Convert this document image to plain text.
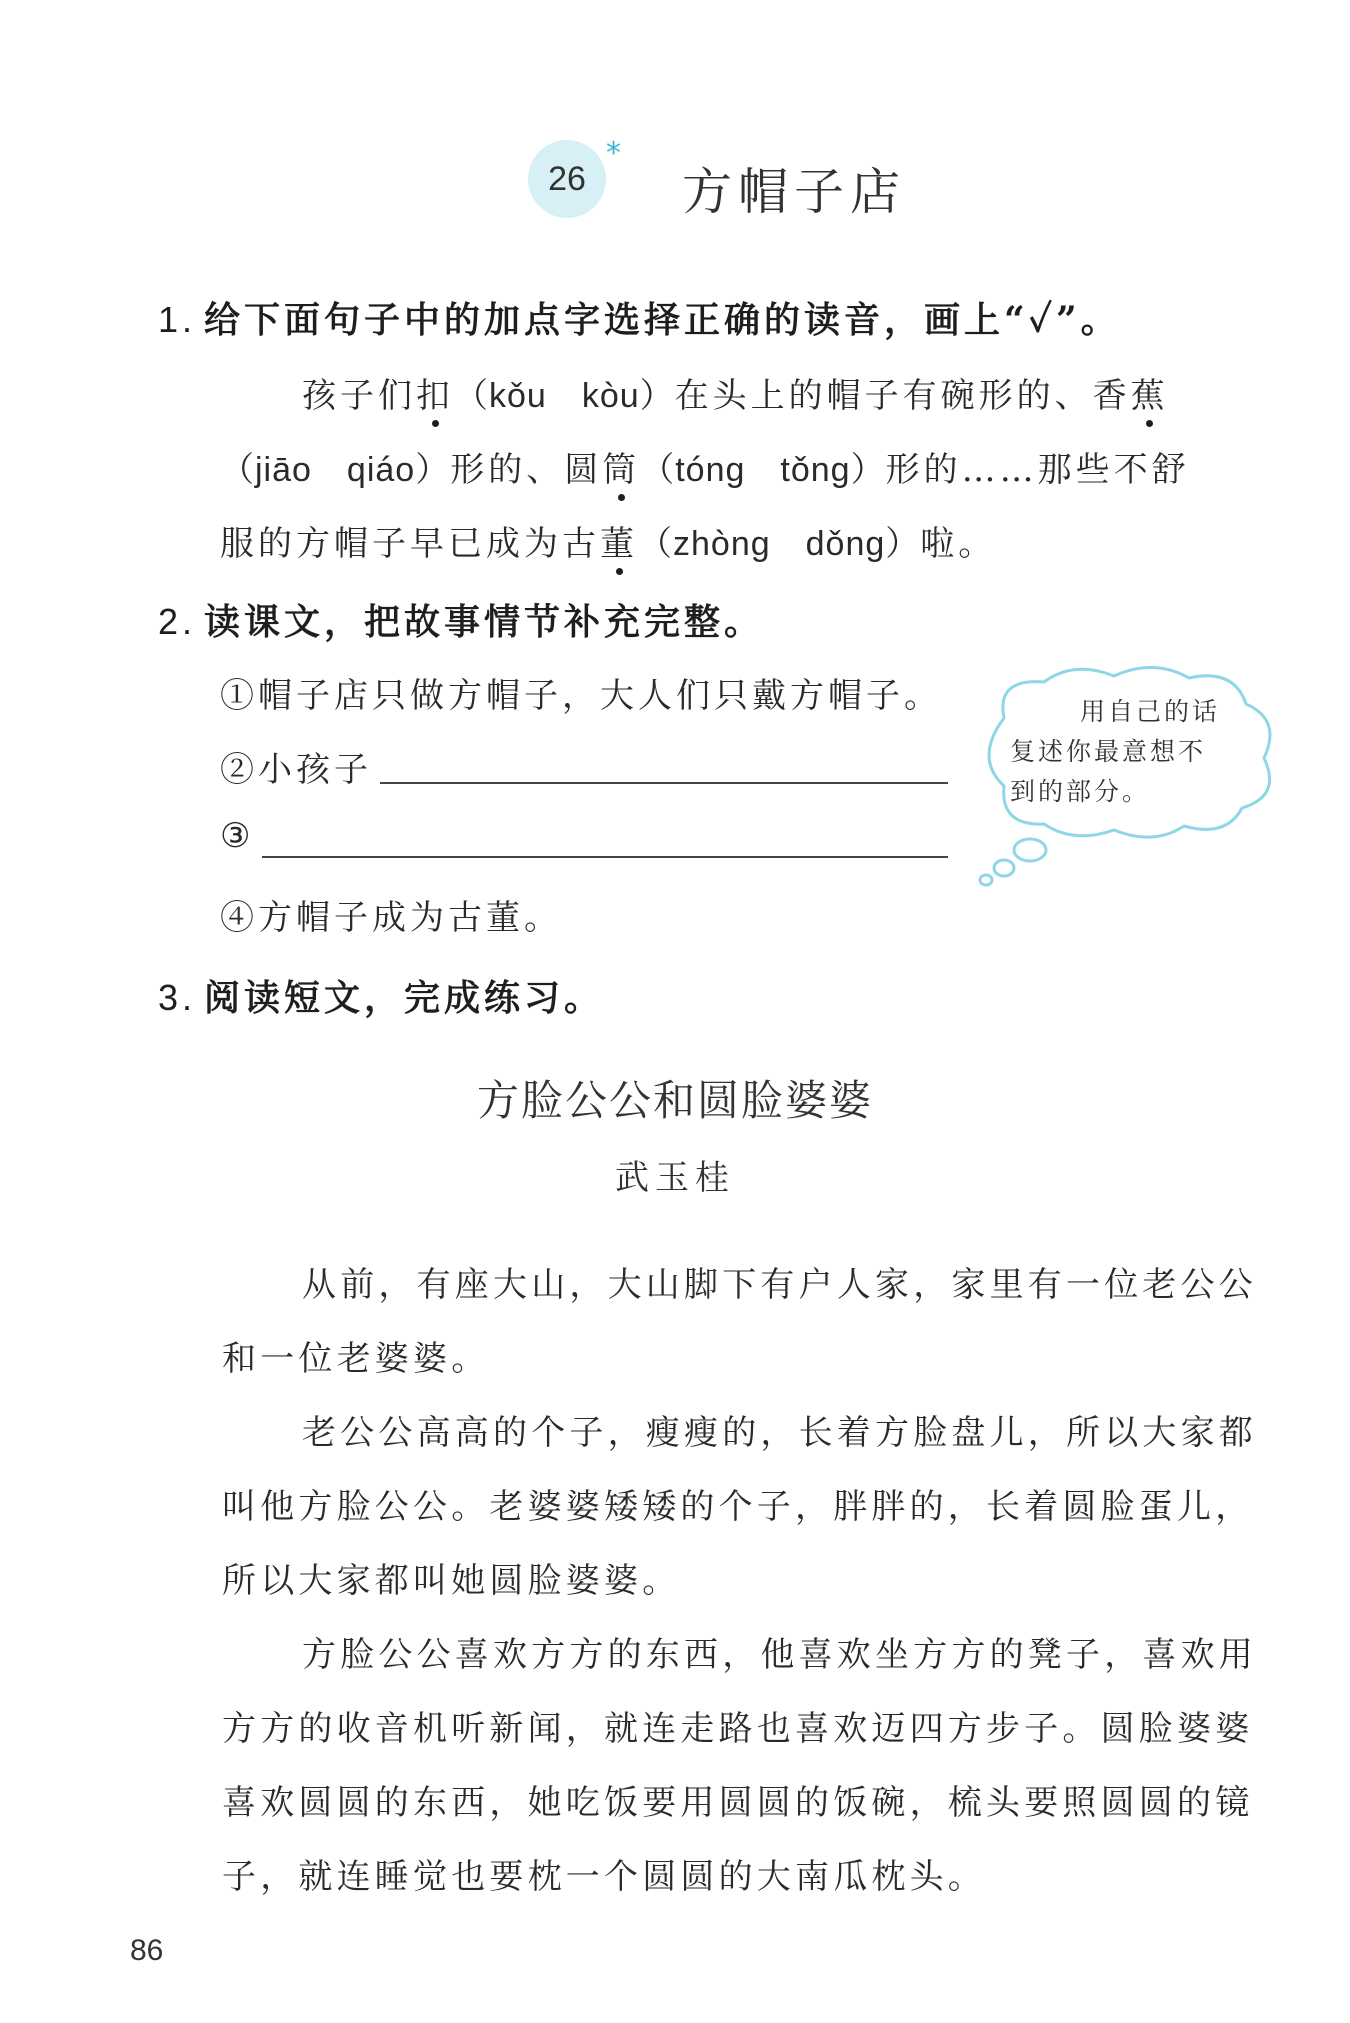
26
*
方帽子店
1. 给下面句子中的加点字选择正确的读音，画上“✓”。
孩子们扣（kǒu　kòu）在头上的帽子有碗形的、香蕉
（jiāo　qiáo）形的、圆筒（tóng　tǒng）形的……那些不舒
服的方帽子早已成为古董（zhòng　dǒng）啦。
2. 读课文，把故事情节补充完整。
①帽子店只做方帽子，大人们只戴方帽子。
②小孩子
③
④方帽子成为古董。
用自己的话
复述你最意想不
到的部分。
3. 阅读短文，完成练习。
方脸公公和圆脸婆婆
武玉桂

从前，有座大山，大山脚下有户人家，家里有一位老公公和一位老婆婆。

老公公高高的个子，瘦瘦的，长着方脸盘儿，所以大家都叫他方脸公公。老婆婆矮矮的个子，胖胖的，长着圆脸蛋儿，所以大家都叫她圆脸婆婆。

方脸公公喜欢方方的东西，他喜欢坐方方的凳子，喜欢用方方的收音机听新闻，就连走路也喜欢迈四方步子。圆脸婆婆喜欢圆圆的东西，她吃饭要用圆圆的饭碗，梳头要照圆圆的镜子，就连睡觉也要枕一个圆圆的大南瓜枕头。

86
